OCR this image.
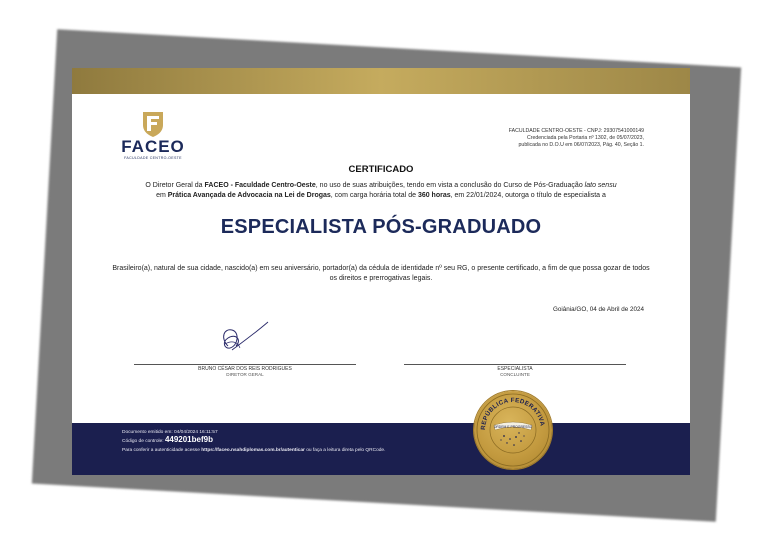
FACEO
FACULDADE CENTRO-OESTE
FACULDADE CENTRO-OESTE - CNPJ: 29307541000149
Credenciada pela Portaria nº 1302, de 05/07/2023,
publicada no D.O.U em 06/07/2023, Pág. 40, Seção 1.
CERTIFICADO
O Diretor Geral da FACEO - Faculdade Centro-Oeste, no uso de suas atribuições, tendo em vista a conclusão do Curso de Pós-Graduação lato sensu
em Prática Avançada de Advocacia na Lei de Drogas, com carga horária total de 360 horas, em 22/01/2024, outorga o título de especialista a
ESPECIALISTA PÓS-GRADUADO
Brasileiro(a), natural de sua cidade, nascido(a) em seu aniversário, portador(a) da cédula de identidade nº seu RG, o presente certificado, a fim de que possa gozar de todos os direitos e prerrogativas legais.
Goiânia/GO, 04 de Abril de 2024
BRUNO CÉSAR DOS REIS RODRIGUES
DIRETOR GERAL
ESPECIALISTA
CONCLUINTE
Documento emitido em: 04/04/2024 16:11:57
Código de controle: 449201bef9b
Para conferir a autenticidade acesse https://faceo.nsahdiplomas.com.br/autenticar ou faça a leitura direta pelo QRCode.
REPÚBLICA FEDERATIVA
ORDEM E PROGRESSO
